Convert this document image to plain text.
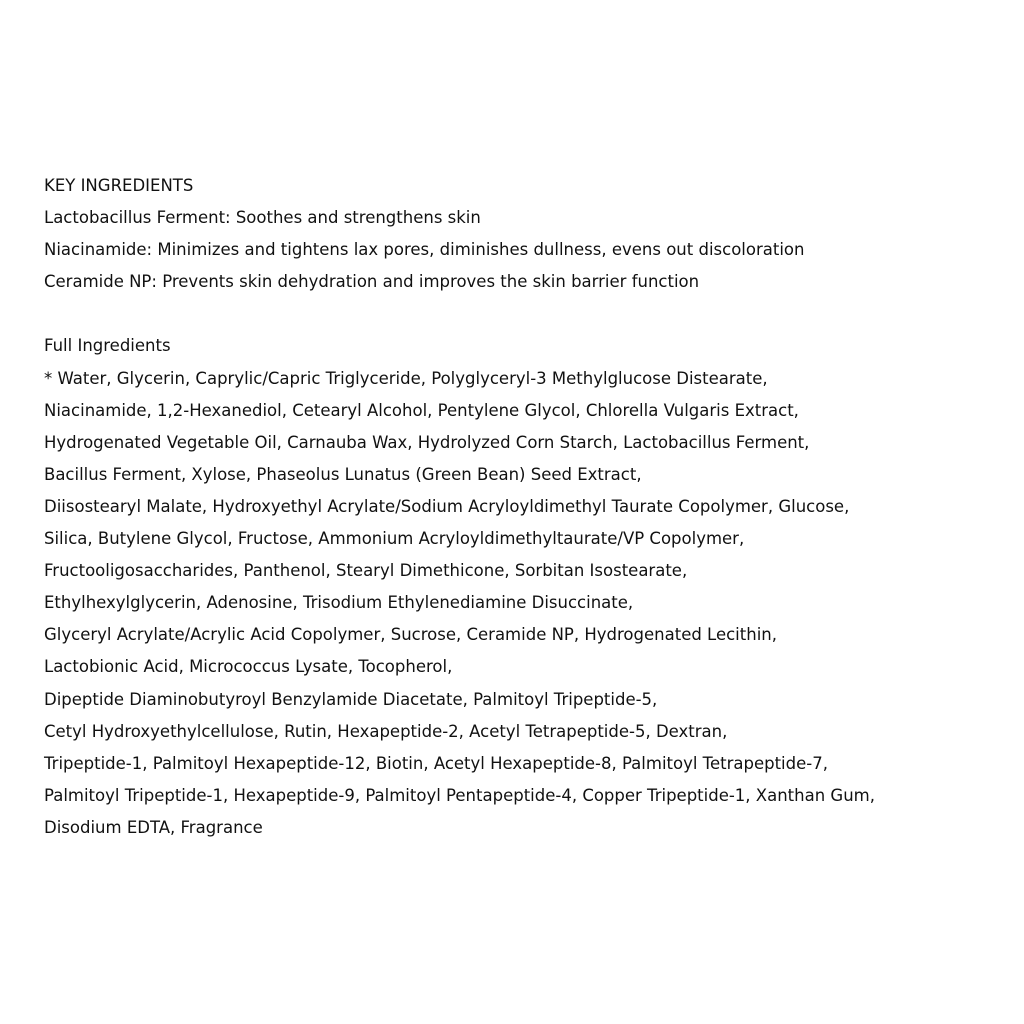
KEY INGREDIENTS
Lactobacillus Ferment: Soothes and strengthens skin
Niacinamide: Minimizes and tightens lax pores, diminishes dullness, evens out discoloration
Ceramide NP: Prevents skin dehydration and improves the skin barrier function
Full Ingredients
* Water, Glycerin, Caprylic/Capric Triglyceride, Polyglyceryl-3 Methylglucose Distearate,
Niacinamide, 1,2-Hexanediol, Cetearyl Alcohol, Pentylene Glycol, Chlorella Vulgaris Extract,
Hydrogenated Vegetable Oil, Carnauba Wax, Hydrolyzed Corn Starch, Lactobacillus Ferment,
Bacillus Ferment, Xylose, Phaseolus Lunatus (Green Bean) Seed Extract,
Diisostearyl Malate, Hydroxyethyl Acrylate/Sodium Acryloyldimethyl Taurate Copolymer, Glucose,
Silica, Butylene Glycol, Fructose, Ammonium Acryloyldimethyltaurate/VP Copolymer,
Fructooligosaccharides, Panthenol, Stearyl Dimethicone, Sorbitan Isostearate,
Ethylhexylglycerin, Adenosine, Trisodium Ethylenediamine Disuccinate,
Glyceryl Acrylate/Acrylic Acid Copolymer, Sucrose, Ceramide NP, Hydrogenated Lecithin,
Lactobionic Acid, Micrococcus Lysate, Tocopherol,
Dipeptide Diaminobutyroyl Benzylamide Diacetate, Palmitoyl Tripeptide-5,
Cetyl Hydroxyethylcellulose, Rutin, Hexapeptide-2, Acetyl Tetrapeptide-5, Dextran,
Tripeptide-1, Palmitoyl Hexapeptide-12, Biotin, Acetyl Hexapeptide-8, Palmitoyl Tetrapeptide-7,
Palmitoyl Tripeptide-1, Hexapeptide-9, Palmitoyl Pentapeptide-4, Copper Tripeptide-1, Xanthan Gum,
Disodium EDTA, Fragrance
